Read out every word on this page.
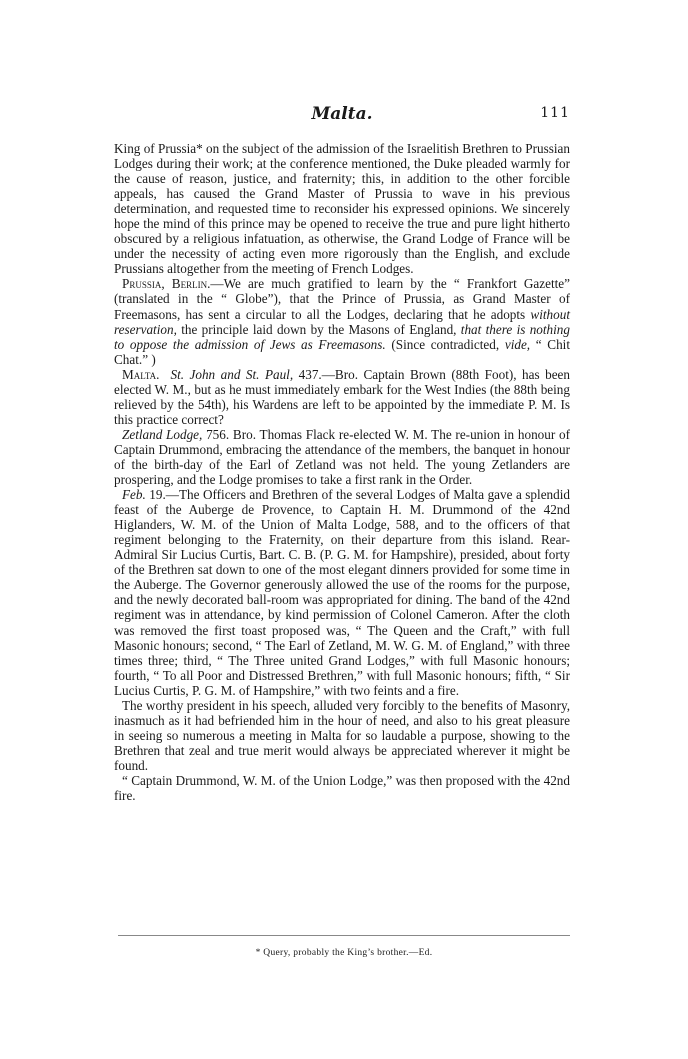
Malta.	111

King of Prussia* on the subject of the admission of the Israelitish Brethren to Prussian Lodges during their work; at the conference mentioned, the Duke pleaded warmly for the cause of reason, justice, and fraternity; this, in addition to the other forcible appeals, has caused the Grand Master of Prussia to wave in his previous determination, and requested time to reconsider his expressed opinions. We sincerely hope the mind of this prince may be opened to receive the true and pure light hitherto obscured by a religious infatuation, as otherwise, the Grand Lodge of France will be under the necessity of acting even more rigorously than the English, and exclude Prussians altogether from the meeting of French Lodges.

Prussia, Berlin.—We are much gratified to learn by the “ Frankfort Gazette” (translated in the “ Globe”), that the Prince of Prussia, as Grand Master of Freemasons, has sent a circular to all the Lodges, declaring that he adopts without reservation, the principle laid down by the Masons of England, that there is nothing to oppose the admission of Jews as Freemasons. (Since contradicted, vide, “ Chit Chat.” )

Malta. St. John and St. Paul, 437.—Bro. Captain Brown (88th Foot), has been elected W. M., but as he must immediately embark for the West Indies (the 88th being relieved by the 54th), his Wardens are left to be appointed by the immediate P. M. Is this practice correct?

Zetland Lodge, 756. Bro. Thomas Flack re-elected W. M. The re-union in honour of Captain Drummond, embracing the attendance of the members, the banquet in honour of the birth-day of the Earl of Zetland was not held. The young Zetlanders are prospering, and the Lodge promises to take a first rank in the Order.

Feb. 19.—The Officers and Brethren of the several Lodges of Malta gave a splendid feast of the Auberge de Provence, to Captain H. M. Drummond of the 42nd Higlanders, W. M. of the Union of Malta Lodge, 588, and to the officers of that regiment belonging to the Fraternity, on their departure from this island. Rear-Admiral Sir Lucius Curtis, Bart. C. B. (P. G. M. for Hampshire), presided, about forty of the Brethren sat down to one of the most elegant dinners provided for some time in the Auberge. The Governor generously allowed the use of the rooms for the purpose, and the newly decorated ball-room was appropriated for dining. The band of the 42nd regiment was in attendance, by kind permission of Colonel Cameron. After the cloth was removed the first toast proposed was, “ The Queen and the Craft,” with full Masonic honours; second, “ The Earl of Zetland, M. W. G. M. of England,” with three times three; third, “ The Three united Grand Lodges,” with full Masonic honours; fourth, “ To all Poor and Distressed Brethren,” with full Masonic honours; fifth, “ Sir Lucius Curtis, P. G. M. of Hampshire,” with two feints and a fire.

The worthy president in his speech, alluded very forcibly to the benefits of Masonry, inasmuch as it had befriended him in the hour of need, and also to his great pleasure in seeing so numerous a meeting in Malta for so laudable a purpose, showing to the Brethren that zeal and true merit would always be appreciated wherever it might be found.

“ Captain Drummond, W. M. of the Union Lodge,” was then proposed with the 42nd fire.

* Query, probably the King’s brother.—Ed.
